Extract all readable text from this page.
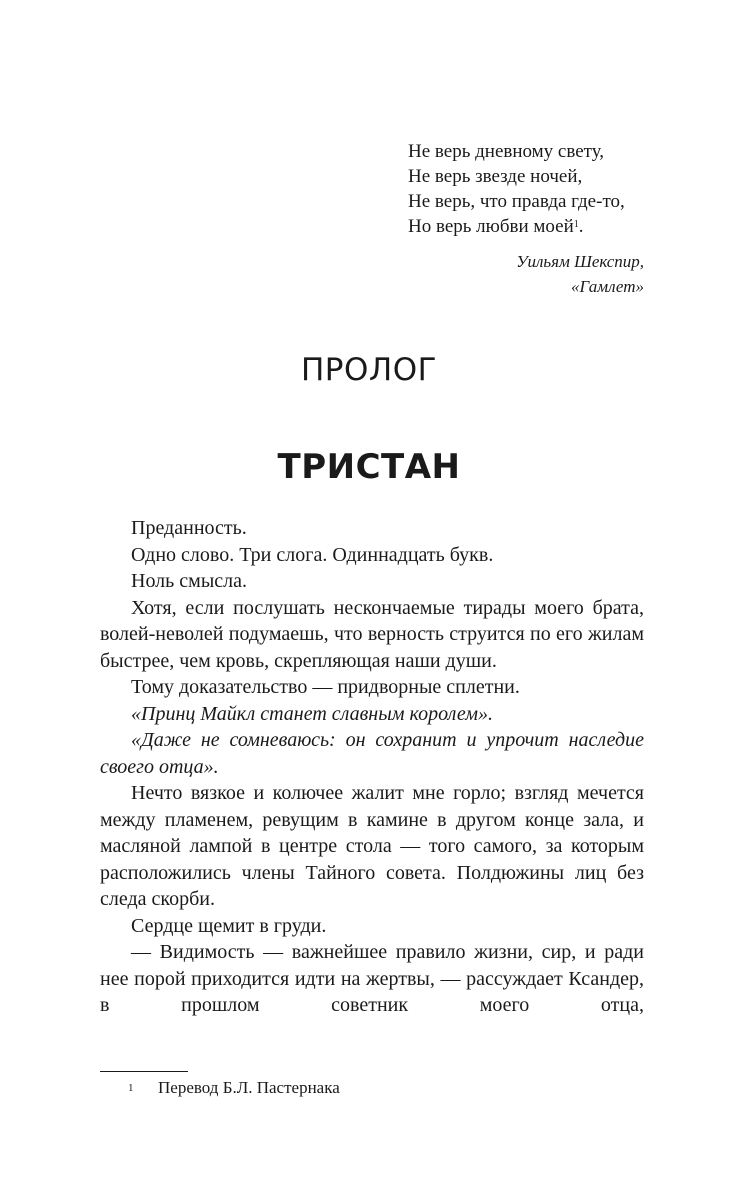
Не верь дневному свету,
Не верь звезде ночей,
Не верь, что правда где-то,
Но верь любви моей$^1$.
Уильям Шекспир,
«Гамлет»
ПРОЛОГ
ТРИСТАН

Преданность.

Одно слово. Три слога. Одиннадцать букв.

Ноль смысла.

Хотя, если послушать нескончаемые тирады моего брата, волей-неволей подумаешь, что верность струится по его жилам быстрее, чем кровь, скрепляющая наши души.

Тому доказательство — придворные сплетни.

«Принц Майкл станет славным королем».

«Даже не сомневаюсь: он сохранит и упрочит наследие своего отца».

Нечто вязкое и колючее жалит мне горло; взгляд мечется между пламенем, ревущим в камине в другом конце зала, и масляной лампой в центре стола — того самого, за которым расположились члены Тайного совета. Полдюжины лиц без следа скорби.

Сердце щемит в груди.

— Видимость — важнейшее правило жизни, сир, и ради нее порой приходится идти на жертвы, — рассуждает Ксандер, в прошлом советник моего отца,

1 Перевод Б.Л. Пастернака
